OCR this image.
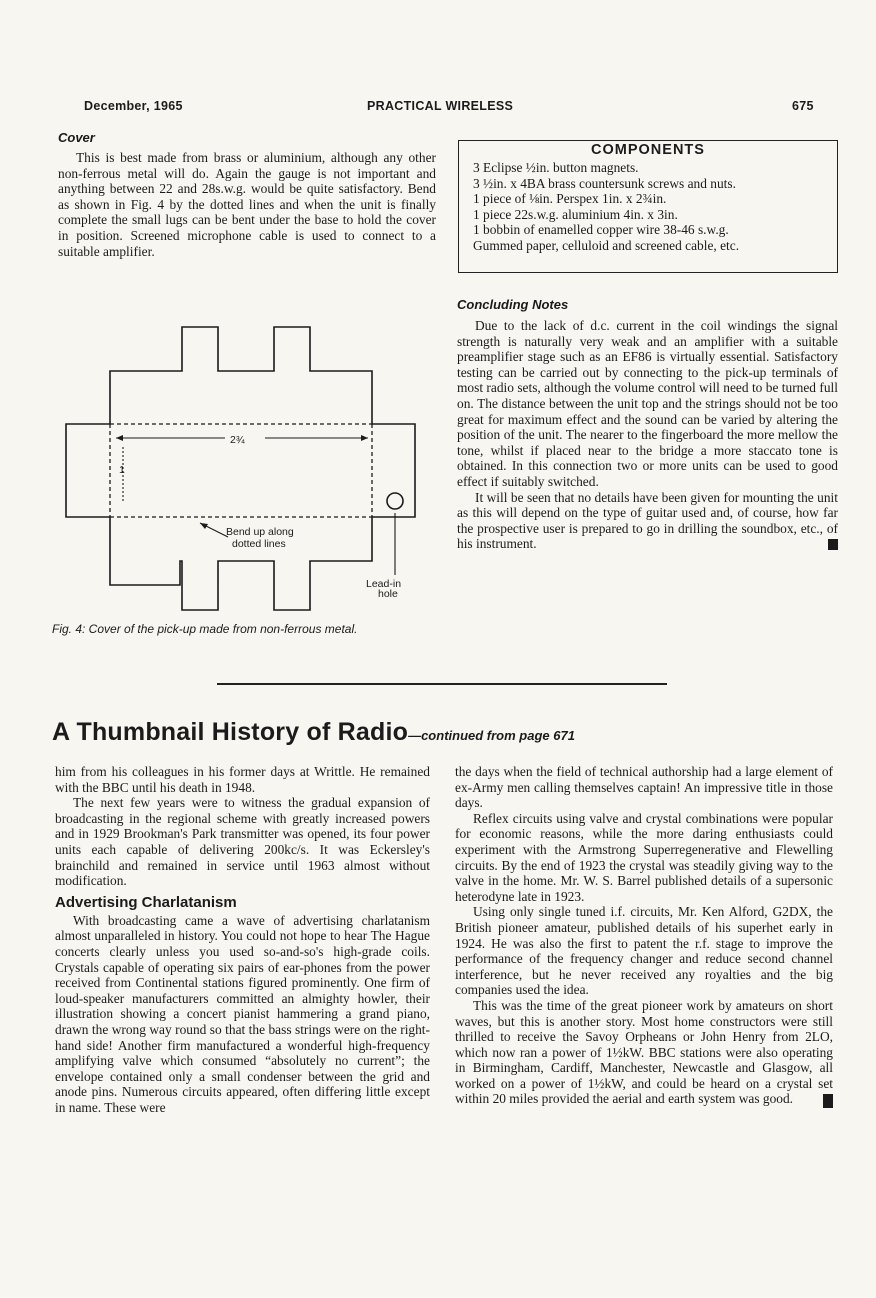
December, 1965	PRACTICAL WIRELESS	675
Cover

This is best made from brass or aluminium, although any other non-ferrous metal will do. Again the gauge is not important and anything between 22 and 28s.w.g. would be quite satisfactory. Bend as shown in Fig. 4 by the dotted lines and when the unit is finally complete the small lugs can be bent under the base to hold the cover in position. Screened microphone cable is used to connect to a suitable amplifier.

2¾
1
Bend up along
dotted lines
Lead-in
hole
Fig. 4: Cover of the pick-up made from non-ferrous metal.
COMPONENTS
3 Eclipse ½in. button magnets.
3 ½in. x 4BA brass countersunk screws and nuts.
1 piece of ⅛in. Perspex 1in. x 2¾in.
1 piece 22s.w.g. aluminium 4in. x 3in.
1 bobbin of enamelled copper wire 38-46 s.w.g.
Gummed paper, celluloid and screened cable, etc.
Concluding Notes

Due to the lack of d.c. current in the coil windings the signal strength is naturally very weak and an amplifier with a suitable preamplifier stage such as an EF86 is virtually essential. Satisfactory testing can be carried out by connecting to the pick-up terminals of most radio sets, although the volume control will need to be turned full on. The distance between the unit top and the strings should not be too great for maximum effect and the sound can be varied by altering the position of the unit. The nearer to the fingerboard the more mellow the tone, whilst if placed near to the bridge a more staccato tone is obtained. In this connection two or more units can be used to good effect if suitably switched.

It will be seen that no details have been given for mounting the unit as this will depend on the type of guitar used and, of course, how far the prospective user is prepared to go in drilling the soundbox, etc., of his instrument.

A Thumbnail History of Radio—continued from page 671

him from his colleagues in his former days at Writtle. He remained with the BBC until his death in 1948.

The next few years were to witness the gradual expansion of broadcasting in the regional scheme with greatly increased powers and in 1929 Brookman's Park transmitter was opened, its four power units each capable of delivering 200kc/s. It was Eckersley's brainchild and remained in service until 1963 almost without modification.

Advertising Charlatanism

With broadcasting came a wave of advertising charlatanism almost unparalleled in history. You could not hope to hear The Hague concerts clearly unless you used so-and-so's high-grade coils. Crystals capable of operating six pairs of ear-phones from the power received from Continental stations figured prominently. One firm of loud-speaker manufacturers committed an almighty howler, their illustration showing a concert pianist hammering a grand piano, drawn the wrong way round so that the bass strings were on the right-hand side! Another firm manufactured a wonderful high-frequency amplifying valve which consumed “absolutely no current”; the envelope contained only a small condenser between the grid and anode pins. Numerous circuits appeared, often differing little except in name. These were

the days when the field of technical authorship had a large element of ex-Army men calling themselves captain! An impressive title in those days.

Reflex circuits using valve and crystal combinations were popular for economic reasons, while the more daring enthusiasts could experiment with the Armstrong Superregenerative and Flewelling circuits. By the end of 1923 the crystal was steadily giving way to the valve in the home. Mr. W. S. Barrel published details of a supersonic heterodyne late in 1923.

Using only single tuned i.f. circuits, Mr. Ken Alford, G2DX, the British pioneer amateur, published details of his superhet early in 1924. He was also the first to patent the r.f. stage to improve the performance of the frequency changer and reduce second channel interference, but he never received any royalties and the big companies used the idea.

This was the time of the great pioneer work by amateurs on short waves, but this is another story. Most home constructors were still thrilled to receive the Savoy Orpheans or John Henry from 2LO, which now ran a power of 1½kW. BBC stations were also operating in Birmingham, Cardiff, Manchester, Newcastle and Glasgow, all worked on a power of 1½kW, and could be heard on a crystal set within 20 miles provided the aerial and earth system was good.
